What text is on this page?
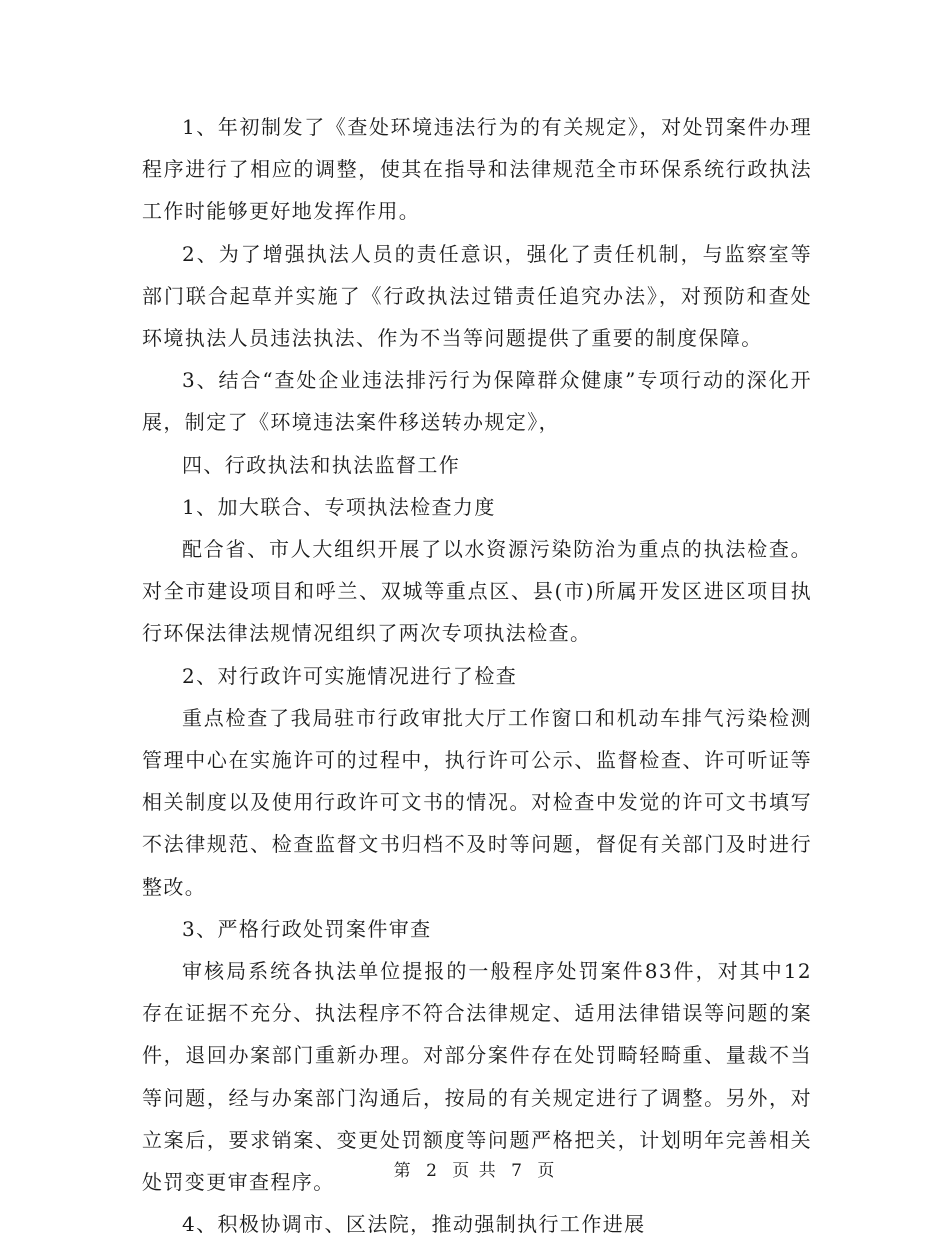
1、年初制发了《查处环境违法行为的有关规定》，对处罚案件办理程序进行了相应的调整，使其在指导和法律规范全市环保系统行政执法工作时能够更好地发挥作用。

2、为了增强执法人员的责任意识，强化了责任机制，与监察室等部门联合起草并实施了《行政执法过错责任追究办法》，对预防和查处环境执法人员违法执法、作为不当等问题提供了重要的制度保障。

3、结合“查处企业违法排污行为保障群众健康”专项行动的深化开展，制定了《环境违法案件移送转办规定》，

四、行政执法和执法监督工作

1、加大联合、专项执法检查力度

配合省、市人大组织开展了以水资源污染防治为重点的执法检查。对全市建设项目和呼兰、双城等重点区、县(市)所属开发区进区项目执行环保法律法规情况组织了两次专项执法检查。

2、对行政许可实施情况进行了检查

重点检查了我局驻市行政审批大厅工作窗口和机动车排气污染检测管理中心在实施许可的过程中，执行许可公示、监督检查、许可听证等相关制度以及使用行政许可文书的情况。对检查中发觉的许可文书填写不法律规范、检查监督文书归档不及时等问题，督促有关部门及时进行整改。

3、严格行政处罚案件审查

审核局系统各执法单位提报的一般程序处罚案件83件，对其中12存在证据不充分、执法程序不符合法律规定、适用法律错误等问题的案件，退回办案部门重新办理。对部分案件存在处罚畸轻畸重、量裁不当等问题，经与办案部门沟通后，按局的有关规定进行了调整。另外，对立案后，要求销案、变更处罚额度等问题严格把关，计划明年完善相关处罚变更审查程序。

4、积极协调市、区法院，推动强制执行工作进展

第 2 页 共 7 页
